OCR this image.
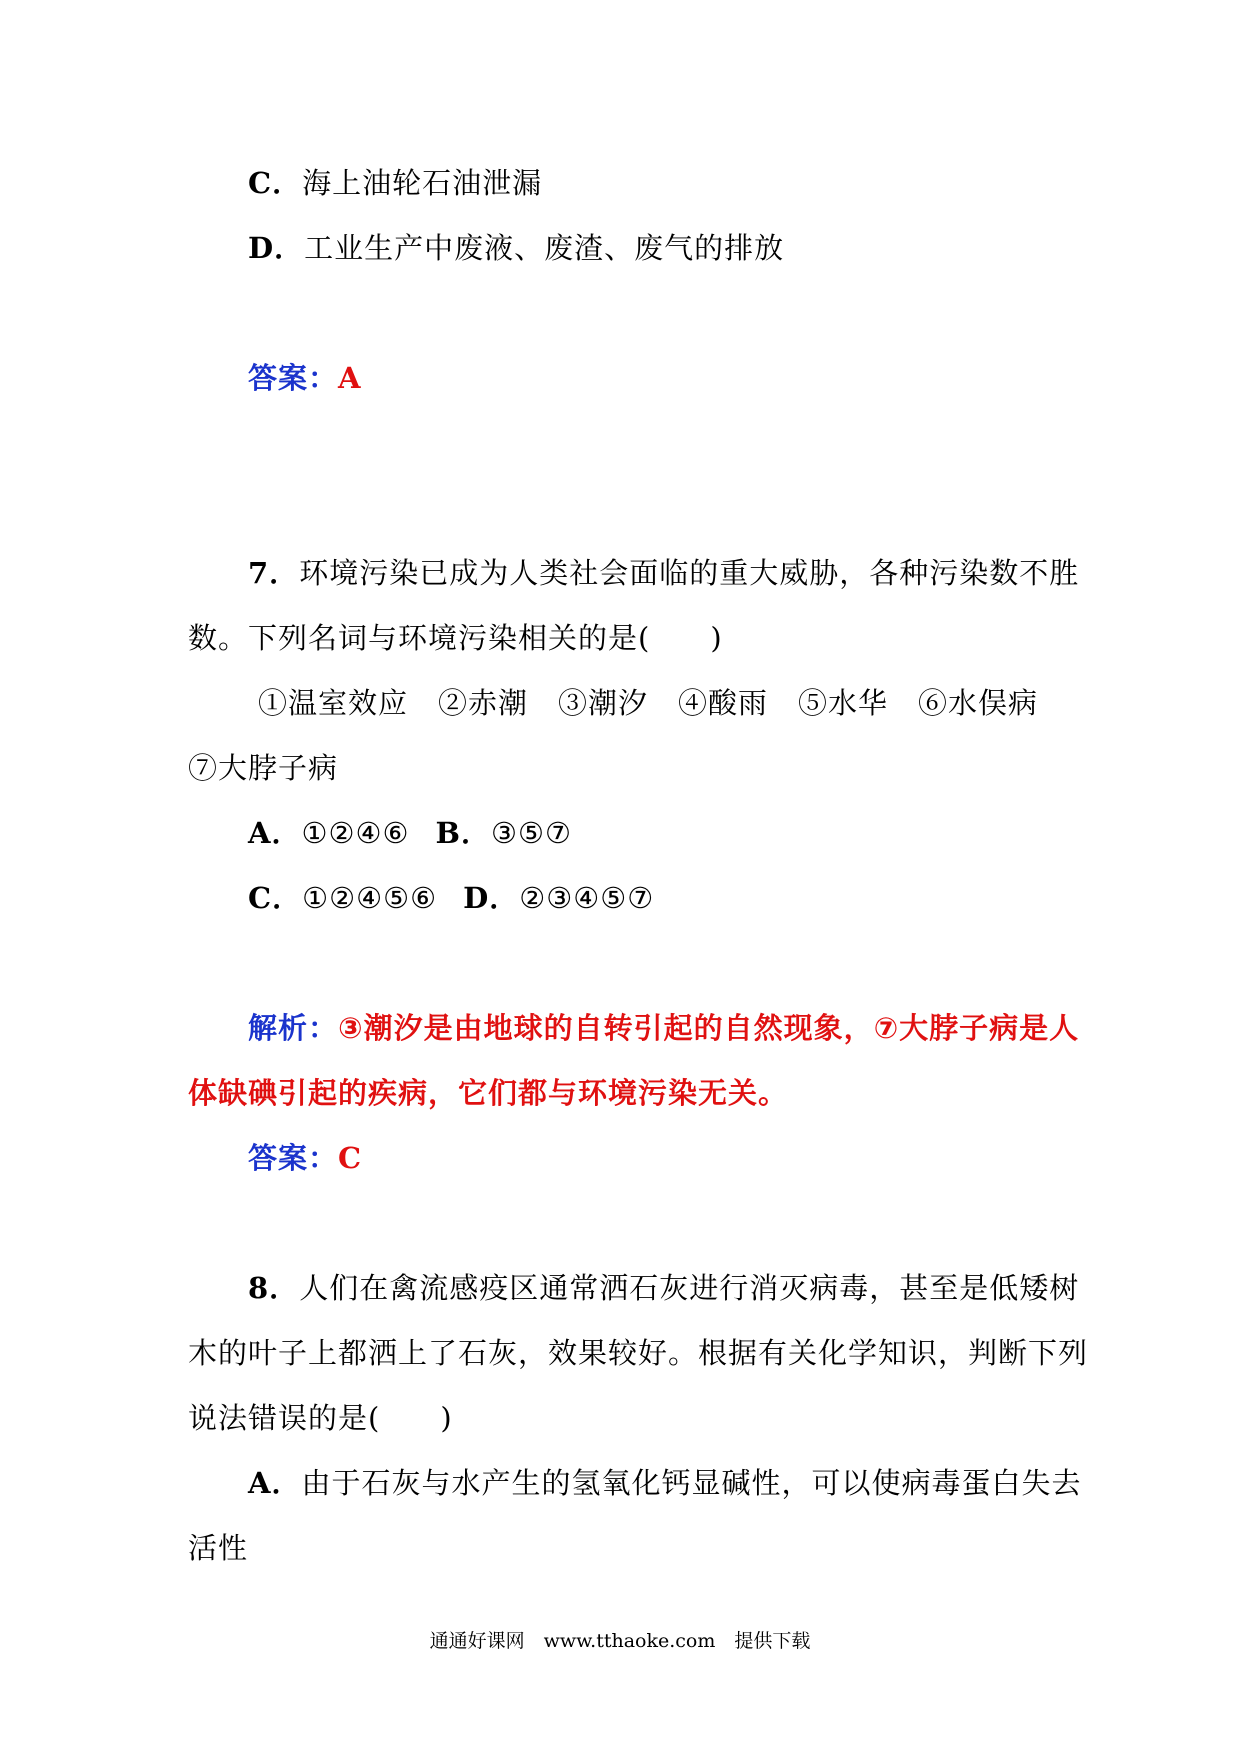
C．海上油轮石油泄漏
D．工业生产中废液、废渣、废气的排放
答案：A
7．环境污染已成为人类社会面临的重大威胁，各种污染数不胜
数。下列名词与环境污染相关的是(　　)
①温室效应　②赤潮　③潮汐　④酸雨　⑤水华　⑥水俣病
⑦大脖子病
A．①②④⑥ B．③⑤⑦
C．①②④⑤⑥ D．②③④⑤⑦
解析：③潮汐是由地球的自转引起的自然现象，⑦大脖子病是人
体缺碘引起的疾病，它们都与环境污染无关。
答案：C
8．人们在禽流感疫区通常洒石灰进行消灭病毒，甚至是低矮树
木的叶子上都洒上了石灰，效果较好。根据有关化学知识，判断下列
说法错误的是(　　)
A．由于石灰与水产生的氢氧化钙显碱性，可以使病毒蛋白失去
活性
通通好课网　www.tthaoke.com　提供下载
